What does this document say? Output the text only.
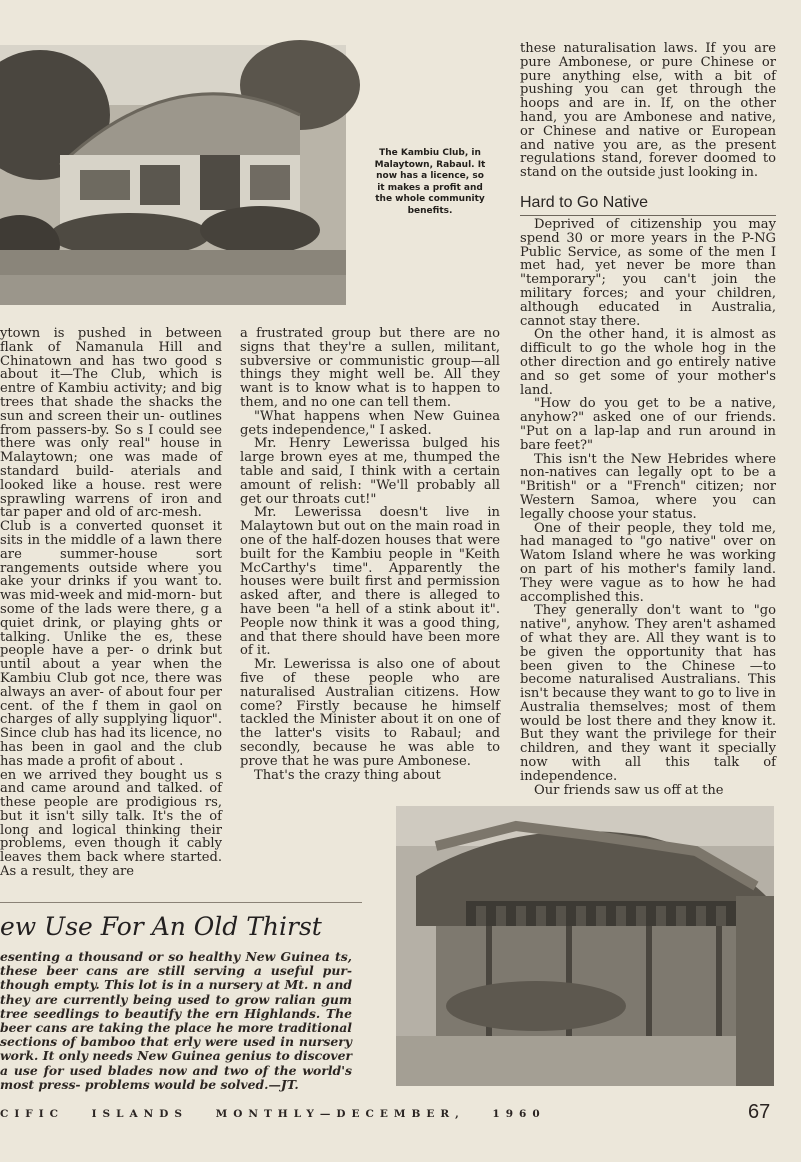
The Kambiu Club, in
Malaytown, Rabaul. It
now has a licence, so
it makes a profit and
the whole community
benefits.

these naturalisation laws. If you are pure Ambonese, or pure Chinese or pure anything else, with a bit of pushing you can get through the hoops and are in. If, on the other hand, you are Ambonese and native, or Chinese and native or European and native you are, as the present regulations stand, forever doomed to stand on the outside just looking in.

Hard to Go Native

Deprived of citizenship you may spend 30 or more years in the P-NG Public Service, as some of the men I met had, yet never be more than "temporary"; you can't join the military forces; and your children, although educated in Australia, cannot stay there.

On the other hand, it is almost as difficult to go the whole hog in the other direction and go entirely native and so get some of your mother's land.

"How do you get to be a native, anyhow?" asked one of our friends. "Put on a lap-lap and run around in bare feet?"

This isn't the New Hebrides where non-natives can legally opt to be a "British" or a "French" citizen; nor Western Samoa, where you can legally choose your status.

One of their people, they told me, had managed to "go native" over on Watom Island where he was working on part of his mother's family land. They were vague as to how he had accomplished this.

They generally don't want to "go native", anyhow. They aren't ashamed of what they are. All they want is to be given the opportunity that has been given to the Chinese —to become naturalised Australians. This isn't because they want to go to live in Australia themselves; most of them would be lost there and they know it. But they want the privilege for their children, and they want it specially now with all this talk of independence.

Our friends saw us off at the

ytown is pushed in between flank of Namanula Hill and Chinatown and has two good s about it—The Club, which is entre of Kambiu activity; and big trees that shade the shacks the sun and screen their un- outlines from passers-by. So s I could see there was only real" house in Malaytown; one was made of standard build- aterials and looked like a house. rest were sprawling warrens of iron and tar paper and old of arc-mesh.

Club is a converted quonset it sits in the middle of a lawn there are summer-house sort rangements outside where you ake your drinks if you want to. was mid-week and mid-morn- but some of the lads were there, g a quiet drink, or playing ghts or talking. Unlike the es, these people have a per- o drink but until about a year when the Kambiu Club got nce, there was always an aver- of about four per cent. of the f them in gaol on charges of ally supplying liquor". Since club has had its licence, no has been in gaol and the club has made a profit of about .

en we arrived they bought us s and came around and talked. of these people are prodigious rs, but it isn't silly talk. It's the of long and logical thinking their problems, even though it cably leaves them back where started. As a result, they are

a frustrated group but there are no signs that they're a sullen, militant, subversive or communistic group—all things they might well be. All they want is to know what is to happen to them, and no one can tell them.

"What happens when New Guinea gets independence," I asked.

Mr. Henry Lewerissa bulged his large brown eyes at me, thumped the table and said, I think with a certain amount of relish: "We'll probably all get our throats cut!"

Mr. Lewerissa doesn't live in Malaytown but out on the main road in one of the half-dozen houses that were built for the Kambiu people in "Keith McCarthy's time". Apparently the houses were built first and permission asked after, and there is alleged to have been "a hell of a stink about it". People now think it was a good thing, and that there should have been more of it.

Mr. Lewerissa is also one of about five of these people who are naturalised Australian citizens. How come? Firstly because he himself tackled the Minister about it on one of the latter's visits to Rabaul; and secondly, because he was able to prove that he was pure Ambonese.

That's the crazy thing about

ew Use For An Old Thirst
esenting a thousand or so healthy New Guinea ts, these beer cans are still serving a useful pur- though empty. This lot is in a nursery at Mt. n and they are currently being used to grow ralian gum tree seedlings to beautify the ern Highlands. The beer cans are taking the place he more traditional sections of bamboo that erly were used in nursery work. It only needs New Guinea genius to discover a use for used blades now and two of the world's most press- problems would be solved.—JT.
CIFIC ISLANDS MONTHLY—DECEMBER, 1960	67
